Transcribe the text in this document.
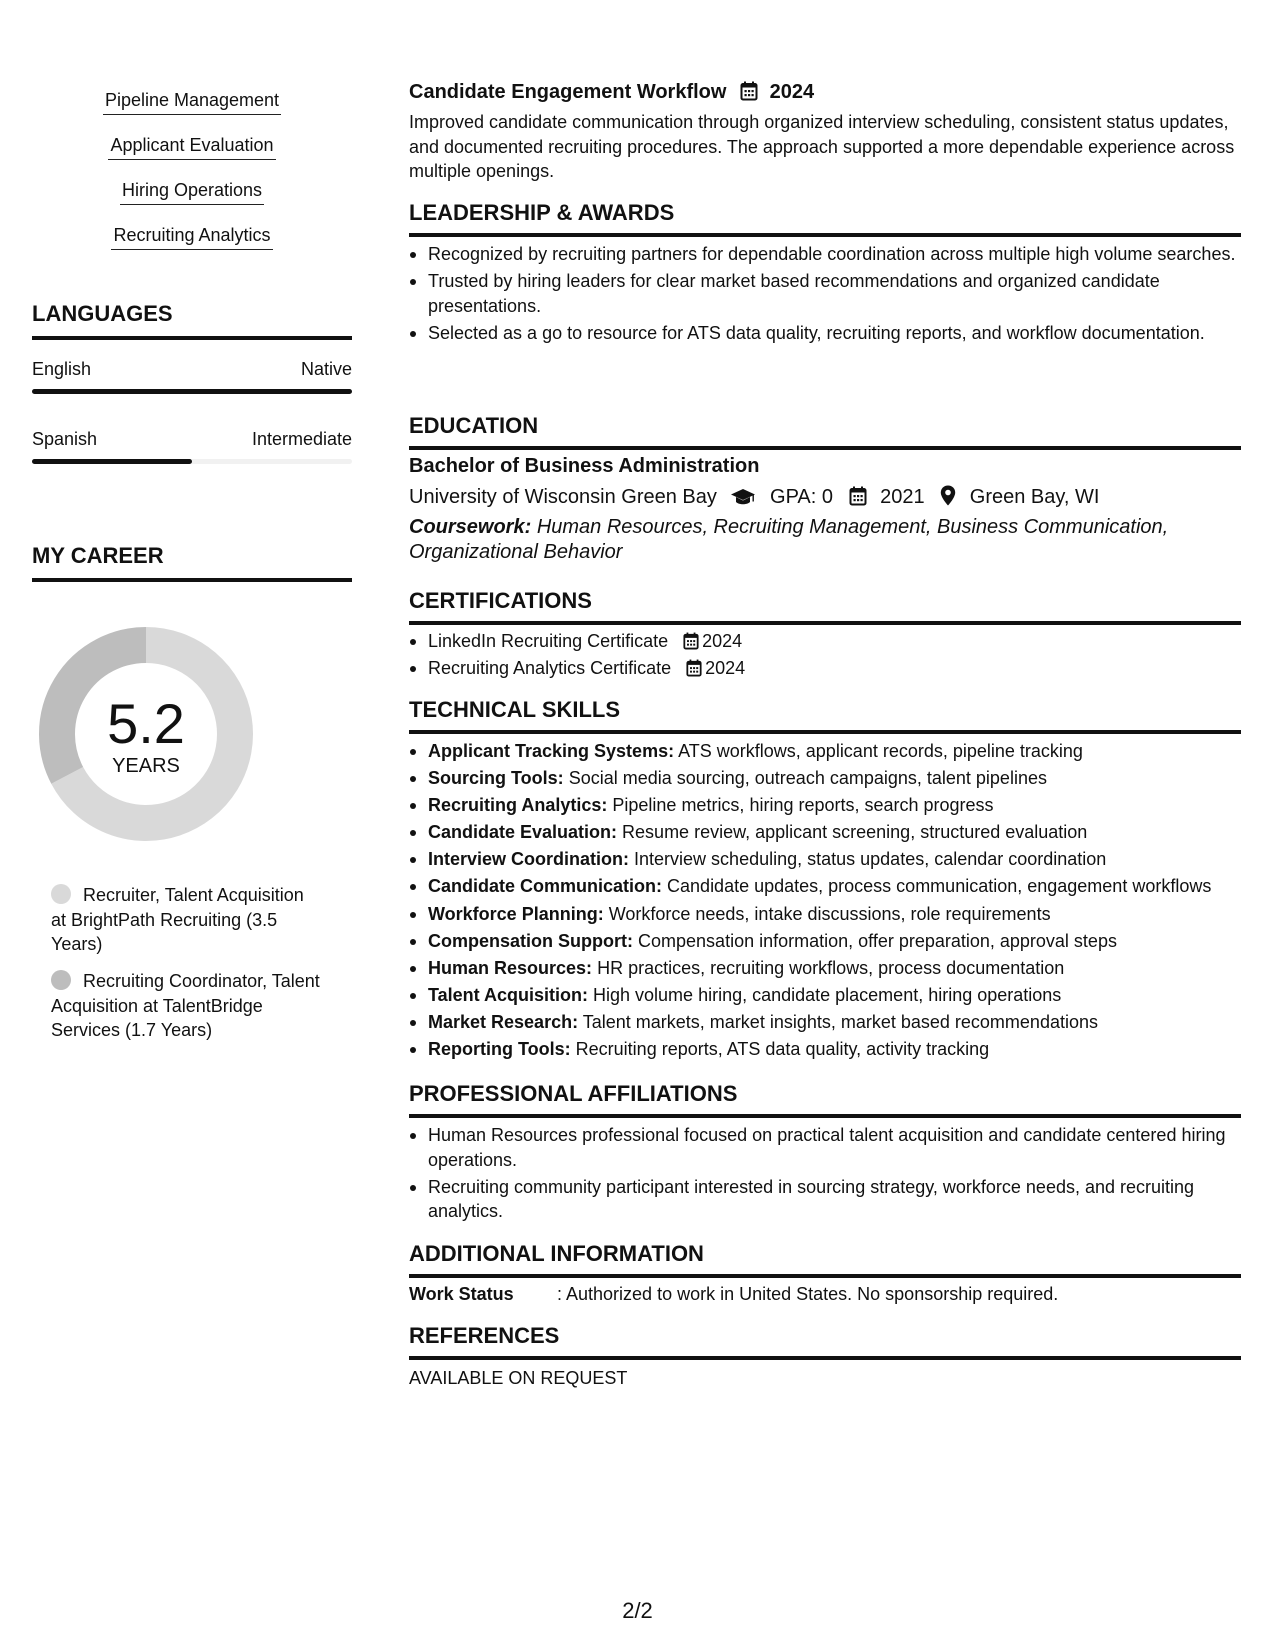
Pipeline Management
Applicant Evaluation
Hiring Operations
Recruiting Analytics
LANGUAGES
English	Native
Spanish	Intermediate
MY CAREER
5.2
YEARS
Recruiter, Talent Acquisition at BrightPath Recruiting (3.5 Years)
Recruiting Coordinator, Talent Acquisition at TalentBridge Services (1.7 Years)
Candidate Engagement Workflow 2024
Improved candidate communication through organized interview scheduling, consistent status updates, and documented recruiting procedures. The approach supported a more dependable experience across multiple openings.
LEADERSHIP & AWARDS
Recognized by recruiting partners for dependable coordination across multiple high volume searches.
Trusted by hiring leaders for clear market based recommendations and organized candidate presentations.
Selected as a go to resource for ATS data quality, recruiting reports, and workflow documentation.
EDUCATION
Bachelor of Business Administration
University of Wisconsin Green Bay	GPA: 0 2021 Green Bay, WI
Coursework: Human Resources, Recruiting Management, Business Communication, Organizational Behavior
CERTIFICATIONS
LinkedIn Recruiting Certificate 2024
Recruiting Analytics Certificate 2024
TECHNICAL SKILLS
Applicant Tracking Systems: ATS workflows, applicant records, pipeline tracking
Sourcing Tools: Social media sourcing, outreach campaigns, talent pipelines
Recruiting Analytics: Pipeline metrics, hiring reports, search progress
Candidate Evaluation: Resume review, applicant screening, structured evaluation
Interview Coordination: Interview scheduling, status updates, calendar coordination
Candidate Communication: Candidate updates, process communication, engagement workflows
Workforce Planning: Workforce needs, intake discussions, role requirements
Compensation Support: Compensation information, offer preparation, approval steps
Human Resources: HR practices, recruiting workflows, process documentation
Talent Acquisition: High volume hiring, candidate placement, hiring operations
Market Research: Talent markets, market insights, market based recommendations
Reporting Tools: Recruiting reports, ATS data quality, activity tracking
PROFESSIONAL AFFILIATIONS
Human Resources professional focused on practical talent acquisition and candidate centered hiring operations.
Recruiting community participant interested in sourcing strategy, workforce needs, and recruiting analytics.
ADDITIONAL INFORMATION
Work Status : Authorized to work in United States. No sponsorship required.
REFERENCES
AVAILABLE ON REQUEST
2/2
